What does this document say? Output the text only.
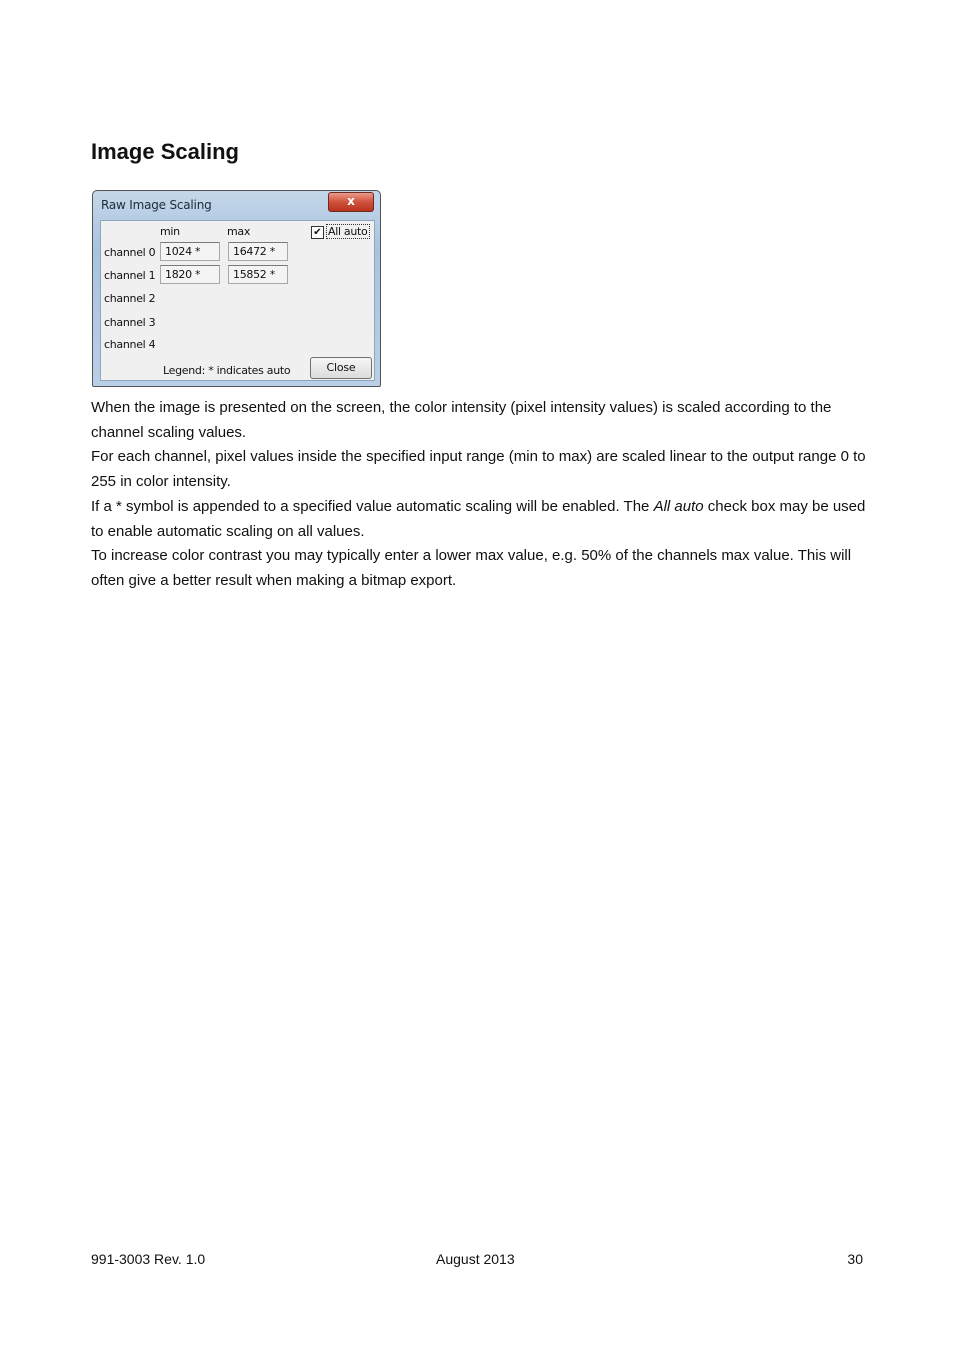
Image Scaling
Raw Image Scaling	x
min	max	✔ All auto
channel 0 1024 *	16472 *
channel 1 1820 *	15852 *
channel 2
channel 3
channel 4
Legend: * indicates auto	Close

When the image is presented on the screen, the color intensity (pixel intensity values) is scaled according to the channel scaling values.

For each channel, pixel values inside the specified input range (min to max) are scaled linear to the output range 0 to 255 in color intensity.

If a * symbol is appended to a specified value automatic scaling will be enabled. The All auto check box may be used to enable automatic scaling on all values.

To increase color contrast you may typically enter a lower max value, e.g. 50% of the channels max value. This will often give a better result when making a bitmap export.

991-3003 Rev. 1.0	August 2013	30
